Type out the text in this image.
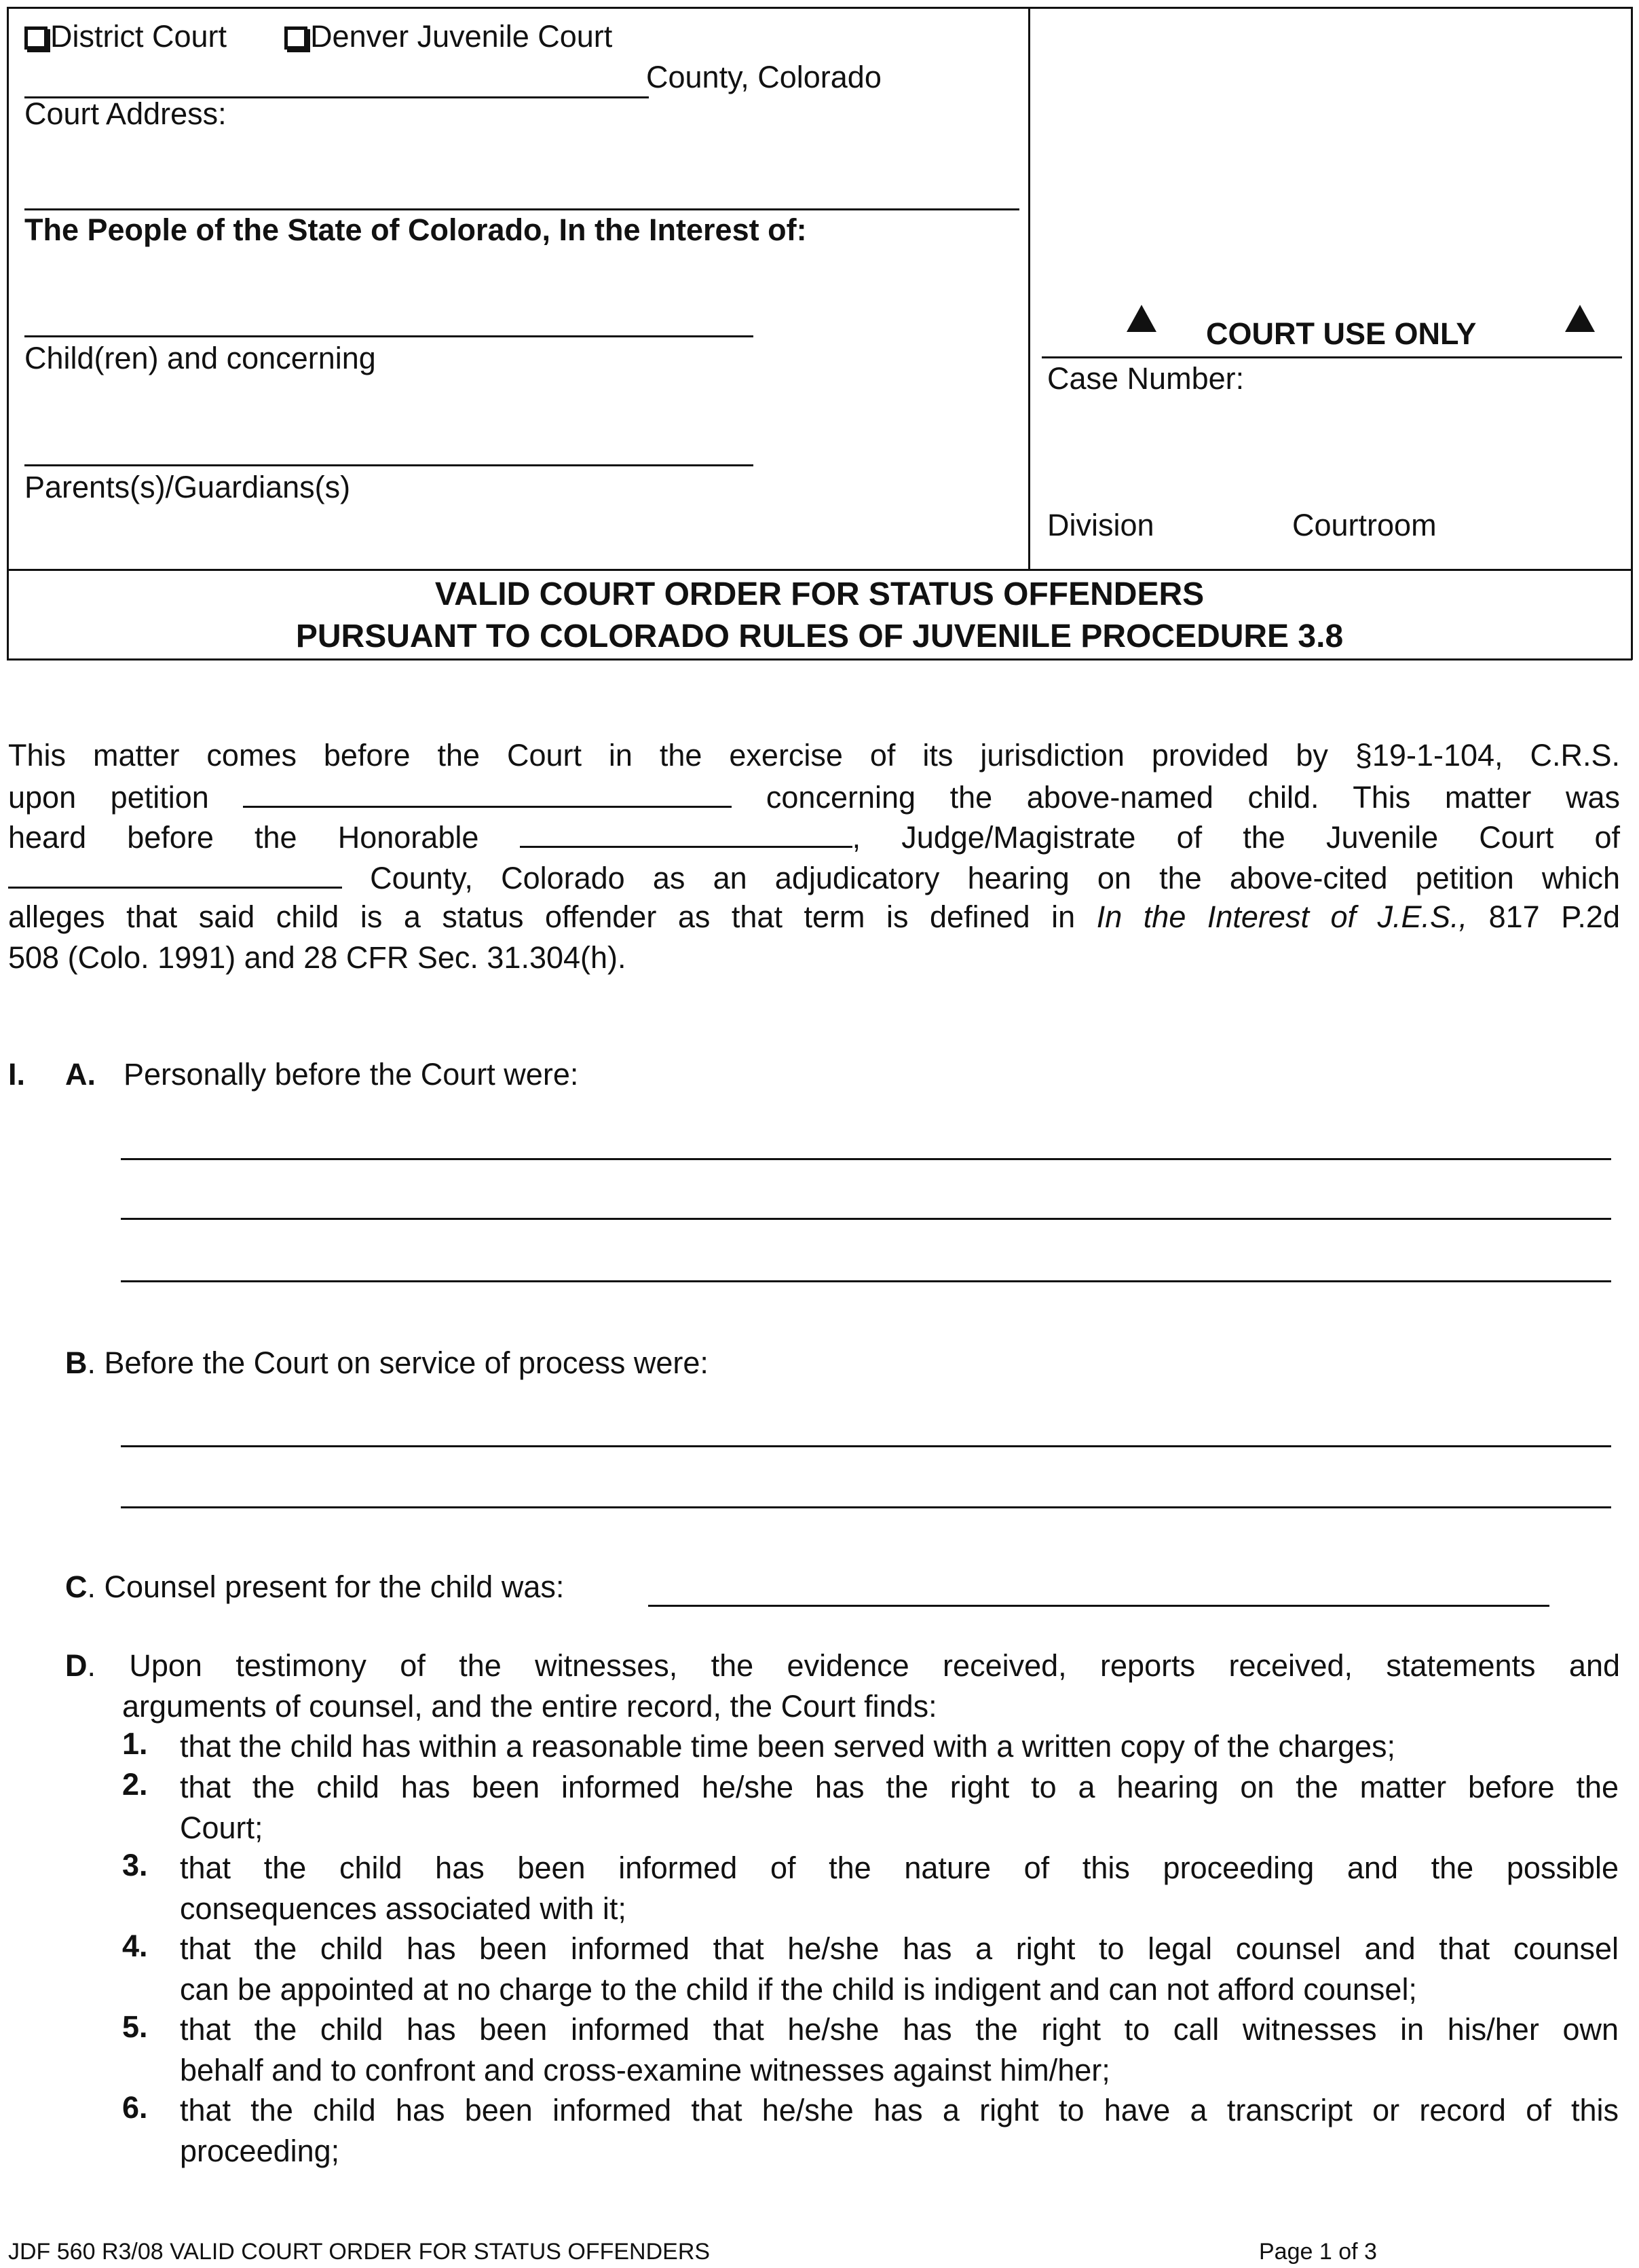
District Court	Denver Juvenile Court
County, Colorado
Court Address:
The People of the State of Colorado, In the Interest of:
Child(ren) and concerning
Parents(s)/Guardians(s)
COURT USE ONLY
Case Number:
Division	Courtroom
VALID COURT ORDER FOR STATUS OFFENDERS
PURSUANT TO COLORADO RULES OF JUVENILE PROCEDURE 3.8
This matter comes before the Court in the exercise of its jurisdiction provided by §19-1-104, C.R.S.
upon petition	concerning the above-named child. This matter was
heard before the Honorable	, Judge/Magistrate of the Juvenile Court of
County, Colorado as an adjudicatory hearing on the above-cited petition which
alleges that said child is a status offender as that term is defined in In the Interest of J.E.S., 817 P.2d
508 (Colo. 1991) and 28 CFR Sec. 31.304(h).
I. A. Personally before the Court were:
B. Before the Court on service of process were:
C. Counsel present for the child was:
D. Upon testimony of the witnesses, the evidence received, reports received, statements and
arguments of counsel, and the entire record, the Court finds:
1. that the child has within a reasonable time been served with a written copy of the charges;
2. that the child has been informed he/she has the right to a hearing on the matter before the
Court;
3. that the child has been informed of the nature of this proceeding and the possible
consequences associated with it;
4. that the child has been informed that he/she has a right to legal counsel and that counsel
can be appointed at no charge to the child if the child is indigent and can not afford counsel;
5. that the child has been informed that he/she has the right to call witnesses in his/her own
behalf and to confront and cross-examine witnesses against him/her;
6. that the child has been informed that he/she has a right to have a transcript or record of this
proceeding;
JDF 560 R3/08 VALID COURT ORDER FOR STATUS OFFENDERS	Page 1 of 3
